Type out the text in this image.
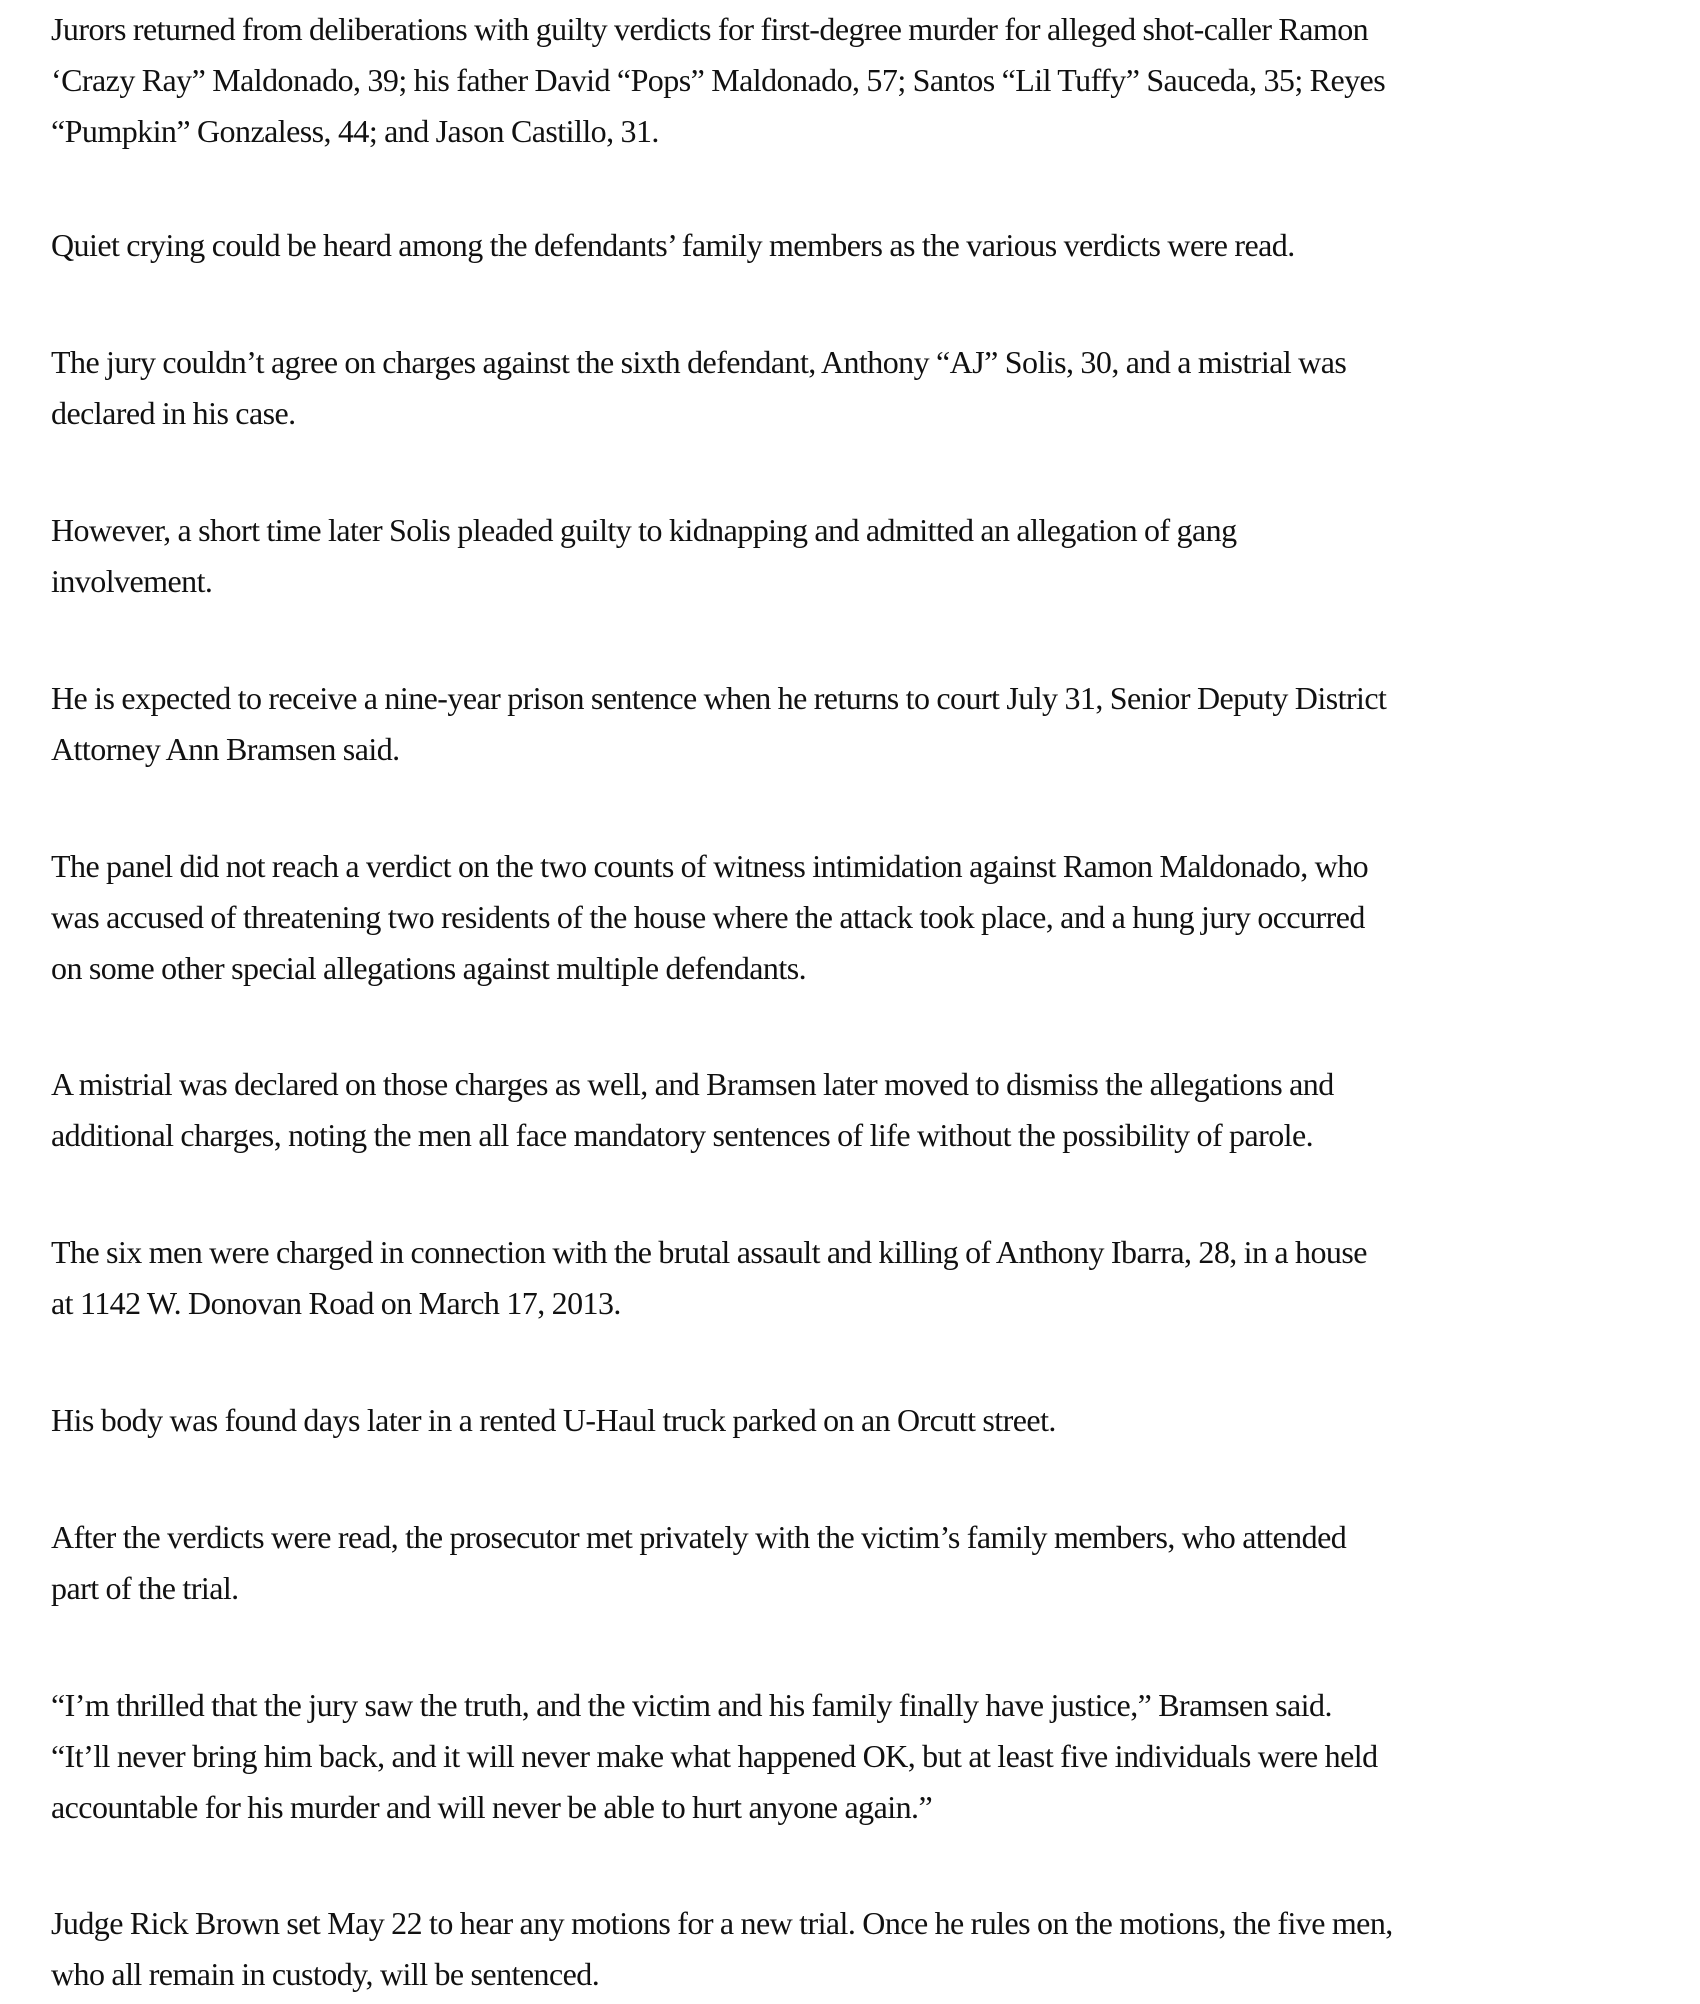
Jurors returned from deliberations with guilty verdicts for first-degree murder for alleged shot-caller Ramon
‘Crazy Ray” Maldonado, 39; his father David “Pops” Maldonado, 57; Santos “Lil Tuffy” Sauceda, 35; Reyes
“Pumpkin” Gonzaless, 44; and Jason Castillo, 31.

Quiet crying could be heard among the defendants’ family members as the various verdicts were read.

The jury couldn’t agree on charges against the sixth defendant, Anthony “AJ” Solis, 30, and a mistrial was
declared in his case.

However, a short time later Solis pleaded guilty to kidnapping and admitted an allegation of gang
involvement.

He is expected to receive a nine-year prison sentence when he returns to court July 31, Senior Deputy District
Attorney Ann Bramsen said.

The panel did not reach a verdict on the two counts of witness intimidation against Ramon Maldonado, who
was accused of threatening two residents of the house where the attack took place, and a hung jury occurred
on some other special allegations against multiple defendants.

A mistrial was declared on those charges as well, and Bramsen later moved to dismiss the allegations and
additional charges, noting the men all face mandatory sentences of life without the possibility of parole.

The six men were charged in connection with the brutal assault and killing of Anthony Ibarra, 28, in a house
at 1142 W. Donovan Road on March 17, 2013.

His body was found days later in a rented U-Haul truck parked on an Orcutt street.

After the verdicts were read, the prosecutor met privately with the victim’s family members, who attended
part of the trial.

“I’m thrilled that the jury saw the truth, and the victim and his family finally have justice,” Bramsen said.
“It’ll never bring him back, and it will never make what happened OK, but at least five individuals were held
accountable for his murder and will never be able to hurt anyone again.”

Judge Rick Brown set May 22 to hear any motions for a new trial. Once he rules on the motions, the five men,
who all remain in custody, will be sentenced.
